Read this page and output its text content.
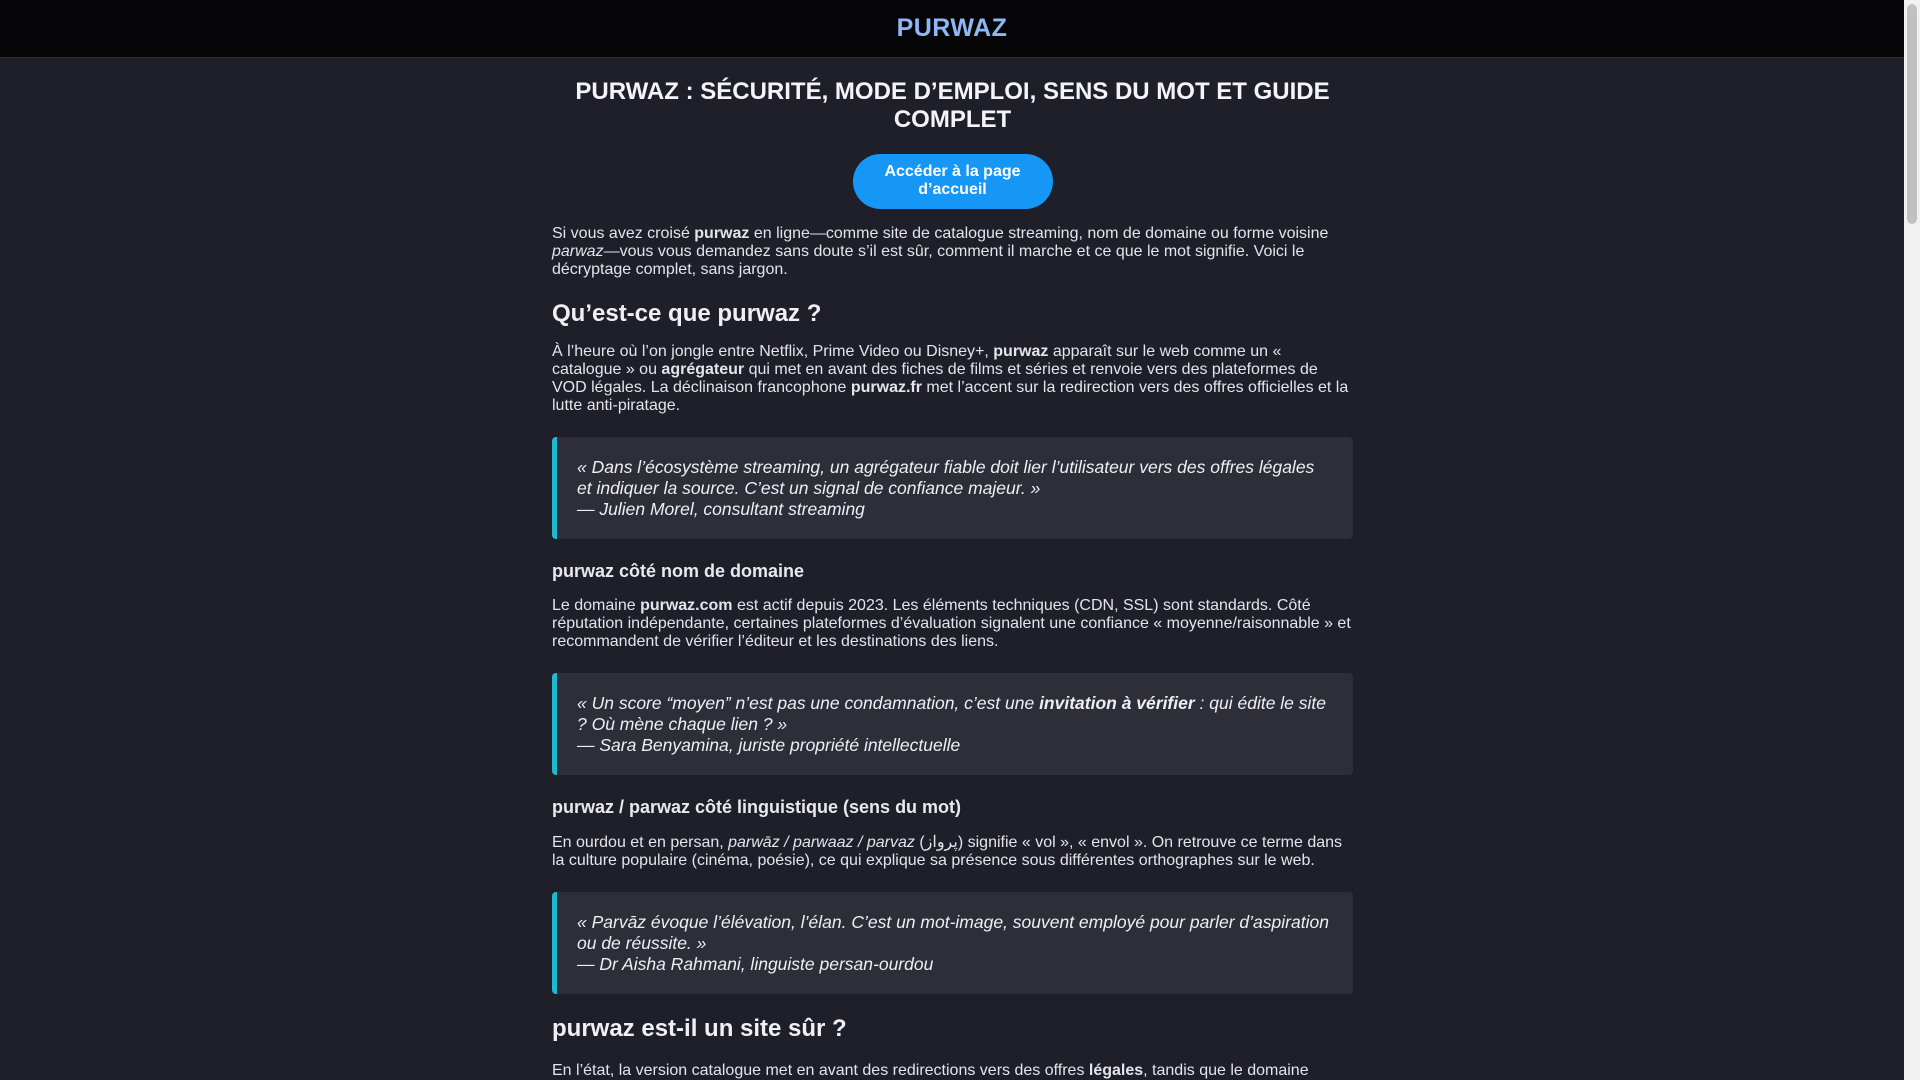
PURWAZ
PURWAZ : SÉCURITÉ, MODE D’EMPLOI, SENS DU MOT ET GUIDE COMPLET
Accéder à la page d’accueil

Si vous avez croisé purwaz en ligne—comme site de catalogue streaming, nom de domaine ou forme voisine parwaz—vous vous demandez sans doute s’il est sûr, comment il marche et ce que le mot signifie. Voici le décryptage complet, sans jargon.

Qu’est-ce que purwaz ?

À l’heure où l’on jongle entre Netflix, Prime Video ou Disney+, purwaz apparaît sur le web comme un « catalogue » ou agrégateur qui met en avant des fiches de films et séries et renvoie vers des plateformes de VOD légales. La déclinaison francophone purwaz.fr met l’accent sur la redirection vers des offres officielles et la lutte anti-piratage.

« Dans l’écosystème streaming, un agrégateur fiable doit lier l’utilisateur vers des offres légales et indiquer la source. C’est un signal de confiance majeur. »
— Julien Morel, consultant streaming
purwaz côté nom de domaine

Le domaine purwaz.com est actif depuis 2023. Les éléments techniques (CDN, SSL) sont standards. Côté réputation indépendante, certaines plateformes d’évaluation signalent une confiance « moyenne/raisonnable » et recommandent de vérifier l’éditeur et les destinations des liens.

« Un score “moyen” n’est pas une condamnation, c’est une invitation à vérifier : qui édite le site ? Où mène chaque lien ? »
— Sara Benyamina, juriste propriété intellectuelle
purwaz / parwaz côté linguistique (sens du mot)

En ourdou et en persan, parwāz / parwaaz / parvaz (پرواز) signifie « vol », « envol ». On retrouve ce terme dans la culture populaire (cinéma, poésie), ce qui explique sa présence sous différentes orthographes sur le web.

« Parvāz évoque l’élévation, l’élan. C’est un mot-image, souvent employé pour parler d’aspiration ou de réussite. »
— Dr Aisha Rahmani, linguiste persan-ourdou
purwaz est-il un site sûr ?

En l’état, la version catalogue met en avant des redirections vers des offres légales, tandis que le domaine
